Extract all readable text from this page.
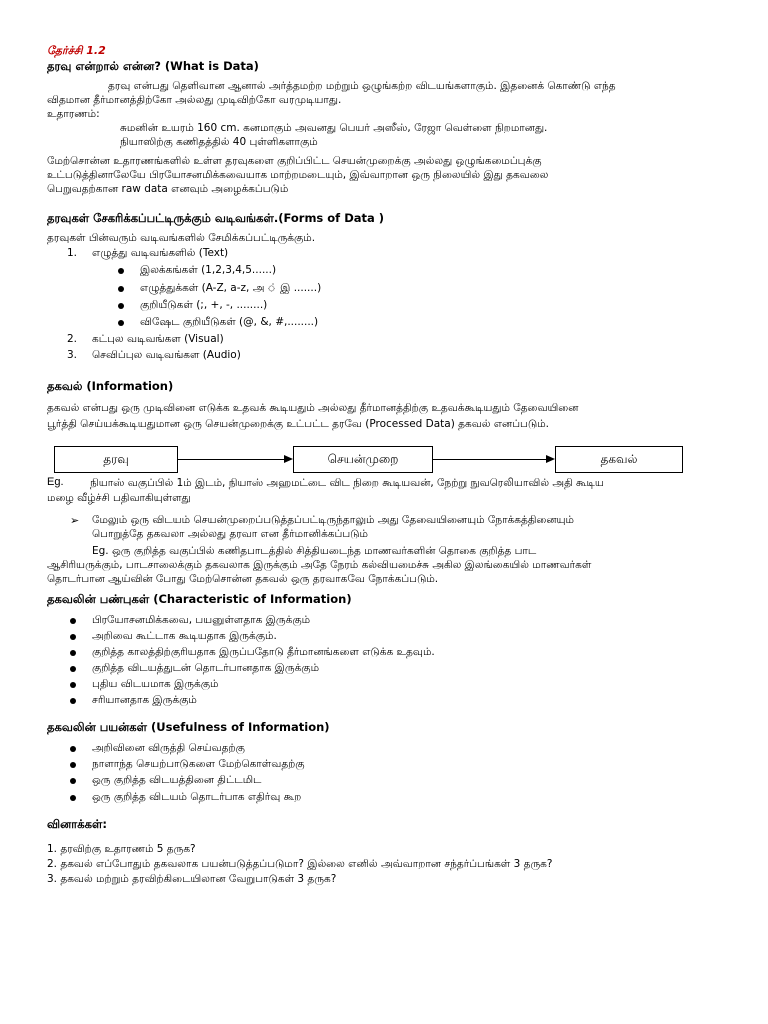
தேர்ச்சி 1.2
தரவு என்றால் என்ன? (What is Data)
தரவு என்பது தெளிவான ஆனால் அர்த்தமற்ற மற்றும் ஒழுங்கற்ற விடயங்களாகும். இதனைக் கொண்டு எந்த
விதமான தீர்மானத்திற்கோ அல்லது முடிவிற்கோ வரமுடியாது.
உதாரணம்:
சுமனின் உயரம் 160 cm. கனமாகும் அவனது பெயர் அஸீஸ், ரேஜா வெள்ளை நிறமானது.
நியாஸிற்கு கணிதத்தில் 40 புள்ளிகளாகும்
மேற்சொன்ன உதாரணங்களில் உள்ள தரவுகளை குறிப்பிட்ட செயன்முறைக்கு அல்லது ஒழுங்கமைப்புக்கு
உட்படுத்தினாலேயே பிரயோசனமிக்கவையாக மாற்றமடையும், இவ்வாறான ஒரு நிலையில் இது தகவலை
பெறுவதற்கான raw data எனவும் அழைக்கப்படும்
தரவுகள் சேகரிக்கப்பட்டிருக்கும் வடிவங்கள்.(Forms of Data )
தரவுகள் பின்வரும் வடிவங்களில் சேமிக்கப்பட்டிருக்கும்.
1. எழுத்து வடிவங்களில் (Text)
இலக்கங்கள் (1,2,3,4,5......)
எழுத்துக்கள் (A-Z, a-z, அ ் இ .......)
குறியீடுகள் (;, +, -, ........)
விஷேட குறியீடுகள் (@, &, #,........)
2. கட்புல வடிவங்கள (Visual)
3. செவிப்புல வடிவங்கள (Audio)
தகவல் (Information)
தகவல் என்பது ஒரு முடிவினை எடுக்க உதவக் கூடியதும் அல்லது தீர்மானத்திற்கு உதவக்கூடியதும் தேவையினை
பூர்த்தி செய்யக்கூடியதுமான ஒரு செயன்முறைக்கு உட்பட்ட தரவே (Processed Data) தகவல் எனப்படும்.
தரவு	செயன்முறை	தகவல்
Eg.	நியாஸ் வகுப்பில் 1ம் இடம், நியாஸ் அஹமட்டை விட நிறை கூடியவன், நேற்று நுவரெலியாவில் அதி கூடிய
மழை வீழ்ச்சி பதிவாகியுள்ளது
➢ மேலும் ஒரு விடயம் செயன்முறைப்படுத்தப்பட்டிருந்தாலும் அது தேவையினையும் நோக்கத்தினையும்
பொறுத்தே தகவலா அல்லது தரவா என தீர்மானிக்கப்படும்
Eg. ஒரு குறித்த வகுப்பில் கணிதபாடத்தில் சித்தியடைந்த மாணவர்களின் தொகை குறித்த பாட
ஆசிரியருக்கும், பாடசாலைக்கும் தகவலாக இருக்கும் அதே நேரம் கல்வியமைச்சு அகில இலங்கையில் மாணவர்கள்
தொடர்பான ஆய்வின் போது மேற்சொன்ன தகவல் ஒரு தரவாகவே நோக்கப்படும்.
தகவலின் பண்புகள் (Characteristic of Information)
பிரயோசனமிக்கவை, பயனுள்ளதாக இருக்கும்
அறிவை கூட்டாக கூடியதாக இருக்கும்.
குறித்த காலத்திற்குரியதாக இருப்பதோடு தீர்மானங்களை எடுக்க உதவும்.
குறித்த விடயத்துடன் தொடர்பானதாக இருக்கும்
புதிய விடயமாக இருக்கும்
சரியானதாக இருக்கும்
தகவலின் பயன்கள் (Usefulness of Information)
அறிவினை விருத்தி செய்வதற்கு
நாளாந்த செயற்பாடுகளை மேற்கொள்வதற்கு
ஒரு குறித்த விடயத்தினை திட்டமிட
ஒரு குறித்த விடயம் தொடர்பாக எதிர்வு கூற
வினாக்கள்:
1. தரவிற்கு உதாரணம் 5 தருக?
2. தகவல் எப்போதும் தகவலாக பயன்படுத்தப்படுமா? இல்லை எனில் அவ்வாறான சந்தர்ப்பங்கள் 3 தருக?
3. தகவல் மற்றும் தரவிற்கிடையிலான வேறுபாடுகள் 3 தருக?
